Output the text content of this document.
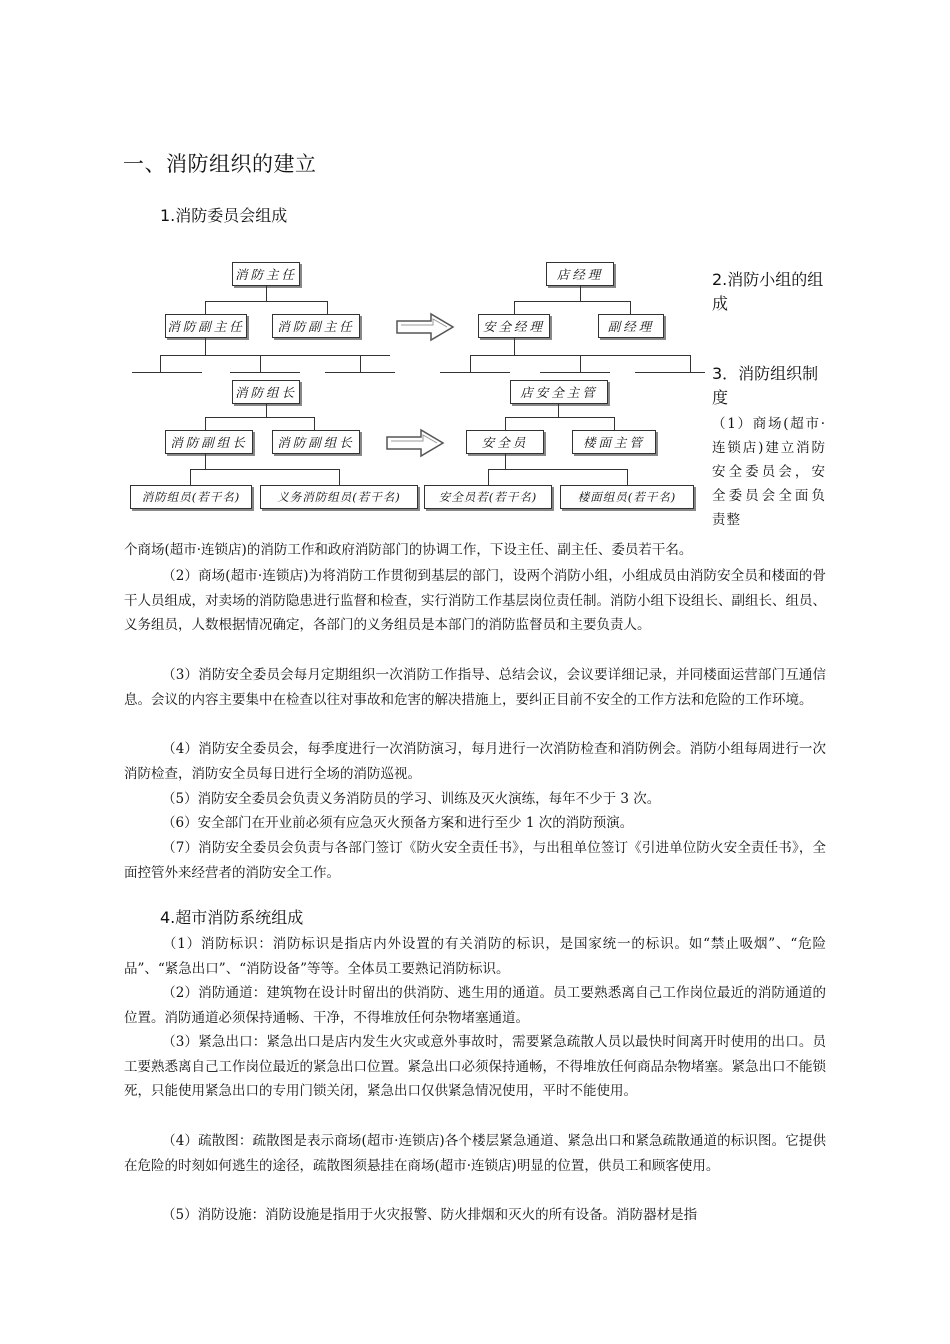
一、消防组织的建立
1.消防委员会组成
消防主任
消防副主任	消防副主任
店经理
安全经理	副经理
消防组长
消防副组长	消防副组长
消防组员(若干名)	义务消防组员(若干名)
店安全主管
安全员	楼面主管
安全员若(若干名)	楼面组员(若干名)
2.消防小组的组成
3．消防组织制度
（1）商场(超市·连锁店)建立消防安全委员会，安全委员会全面负责整
个商场(超市·连锁店)的消防工作和政府消防部门的协调工作，下设主任、副主任、委员若干名。
（2）商场(超市·连锁店)为将消防工作贯彻到基层的部门，设两个消防小组，小组成员由消防安全员和楼面的骨干人员组成，对卖场的消防隐患进行监督和检查，实行消防工作基层岗位责任制。消防小组下设组长、副组长、组员、义务组员，人数根据情况确定，各部门的义务组员是本部门的消防监督员和主要负责人。
（3）消防安全委员会每月定期组织一次消防工作指导、总结会议，会议要详细记录，并同楼面运营部门互通信息。会议的内容主要集中在检查以往对事故和危害的解决措施上，要纠正目前不安全的工作方法和危险的工作环境。
（4）消防安全委员会，每季度进行一次消防演习，每月进行一次消防检查和消防例会。消防小组每周进行一次消防检查，消防安全员每日进行全场的消防巡视。
（5）消防安全委员会负责义务消防员的学习、训练及灭火演练，每年不少于 3 次。
（6）安全部门在开业前必须有应急灭火预备方案和进行至少 1 次的消防预演。
（7）消防安全委员会负责与各部门签订《防火安全责任书》，与出租单位签订《引进单位防火安全责任书》，全面控管外来经营者的消防安全工作。
4.超市消防系统组成
（1）消防标识：消防标识是指店内外设置的有关消防的标识，是国家统一的标识。如“禁止吸烟”、“危险品”、“紧急出口”、“消防设备”等等。全体员工要熟记消防标识。
（2）消防通道：建筑物在设计时留出的供消防、逃生用的通道。员工要熟悉离自己工作岗位最近的消防通道的位置。消防通道必须保持通畅、干净，不得堆放任何杂物堵塞通道。
（3）紧急出口：紧急出口是店内发生火灾或意外事故时，需要紧急疏散人员以最快时间离开时使用的出口。员工要熟悉离自己工作岗位最近的紧急出口位置。紧急出口必须保持通畅，不得堆放任何商品杂物堵塞。紧急出口不能锁死，只能使用紧急出口的专用门锁关闭，紧急出口仅供紧急情况使用，平时不能使用。
（4）疏散图：疏散图是表示商场(超市·连锁店)各个楼层紧急通道、紧急出口和紧急疏散通道的标识图。它提供在危险的时刻如何逃生的途径，疏散图须悬挂在商场(超市·连锁店)明显的位置，供员工和顾客使用。
（5）消防设施：消防设施是指用于火灾报警、防火排烟和灭火的所有设备。消防器材是指
